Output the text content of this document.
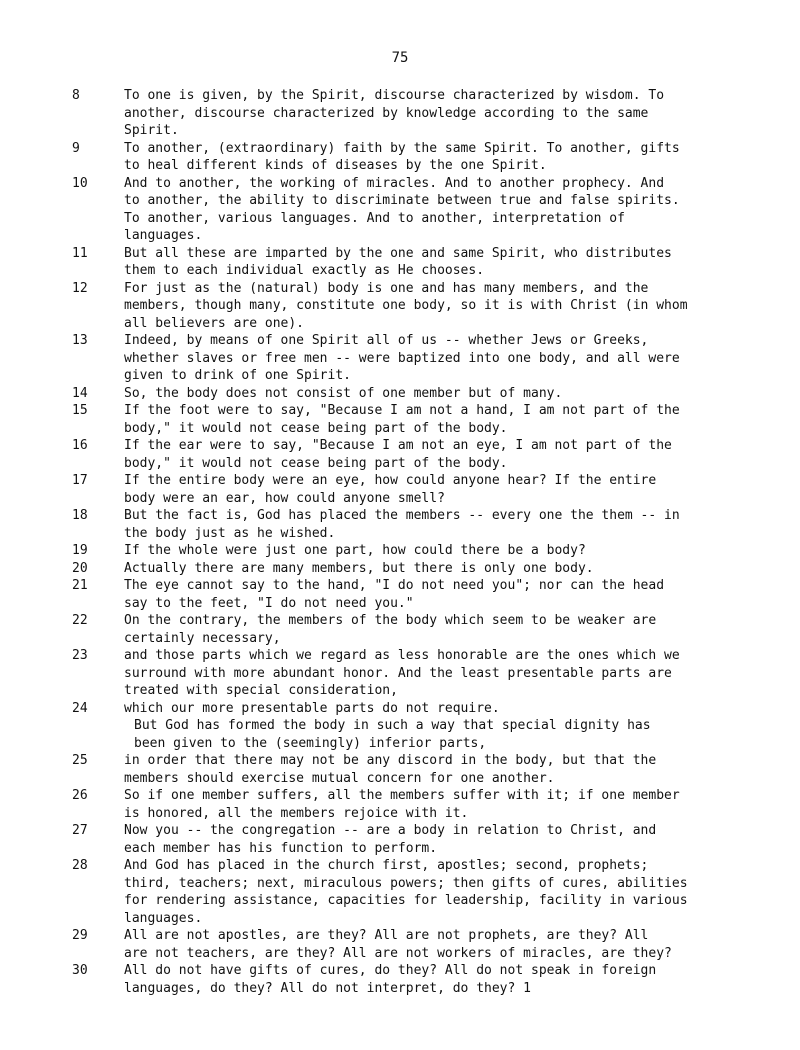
75
8	To one is given, by the Spirit, discourse characterized by wisdom. To
another, discourse characterized by knowledge according to the same
Spirit.
9	To another, (extraordinary) faith by the same Spirit. To another, gifts
to heal different kinds of diseases by the one Spirit.
10	And to another, the working of miracles. And to another prophecy. And
to another, the ability to discriminate between true and false spirits.
To another, various languages. And to another, interpretation of
languages.
11	But all these are imparted by the one and same Spirit, who distributes
them to each individual exactly as He chooses.
12	For just as the (natural) body is one and has many members, and the
members, though many, constitute one body, so it is with Christ (in whom
all believers are one).
13	Indeed, by means of one Spirit all of us -- whether Jews or Greeks,
whether slaves or free men -- were baptized into one body, and all were
given to drink of one Spirit.
14	So, the body does not consist of one member but of many.
15	If the foot were to say, "Because I am not a hand, I am not part of the
body," it would not cease being part of the body.
16	If the ear were to say, "Because I am not an eye, I am not part of the
body," it would not cease being part of the body.
17	If the entire body were an eye, how could anyone hear? If the entire
body were an ear, how could anyone smell?
18	But the fact is, God has placed the members -- every one the them -- in
the body just as he wished.
19	If the whole were just one part, how could there be a body?
20	Actually there are many members, but there is only one body.
21	The eye cannot say to the hand, "I do not need you"; nor can the head
say to the feet, "I do not need you."
22	On the contrary, the members of the body which seem to be weaker are
certainly necessary,
23	and those parts which we regard as less honorable are the ones which we
surround with more abundant honor. And the least presentable parts are
treated with special consideration,
24	which our more presentable parts do not require.
But God has formed the body in such a way that special dignity has
been given to the (seemingly) inferior parts,
25	in order that there may not be any discord in the body, but that the
members should exercise mutual concern for one another.
26	So if one member suffers, all the members suffer with it; if one member
is honored, all the members rejoice with it.
27	Now you -- the congregation -- are a body in relation to Christ, and
each member has his function to perform.
28	And God has placed in the church first, apostles; second, prophets;
third, teachers; next, miraculous powers; then gifts of cures, abilities
for rendering assistance, capacities for leadership, facility in various
languages.
29	All are not apostles, are they? All are not prophets, are they? All
are not teachers, are they? All are not workers of miracles, are they?
30	All do not have gifts of cures, do they? All do not speak in foreign
languages, do they? All do not interpret, do they? 1
